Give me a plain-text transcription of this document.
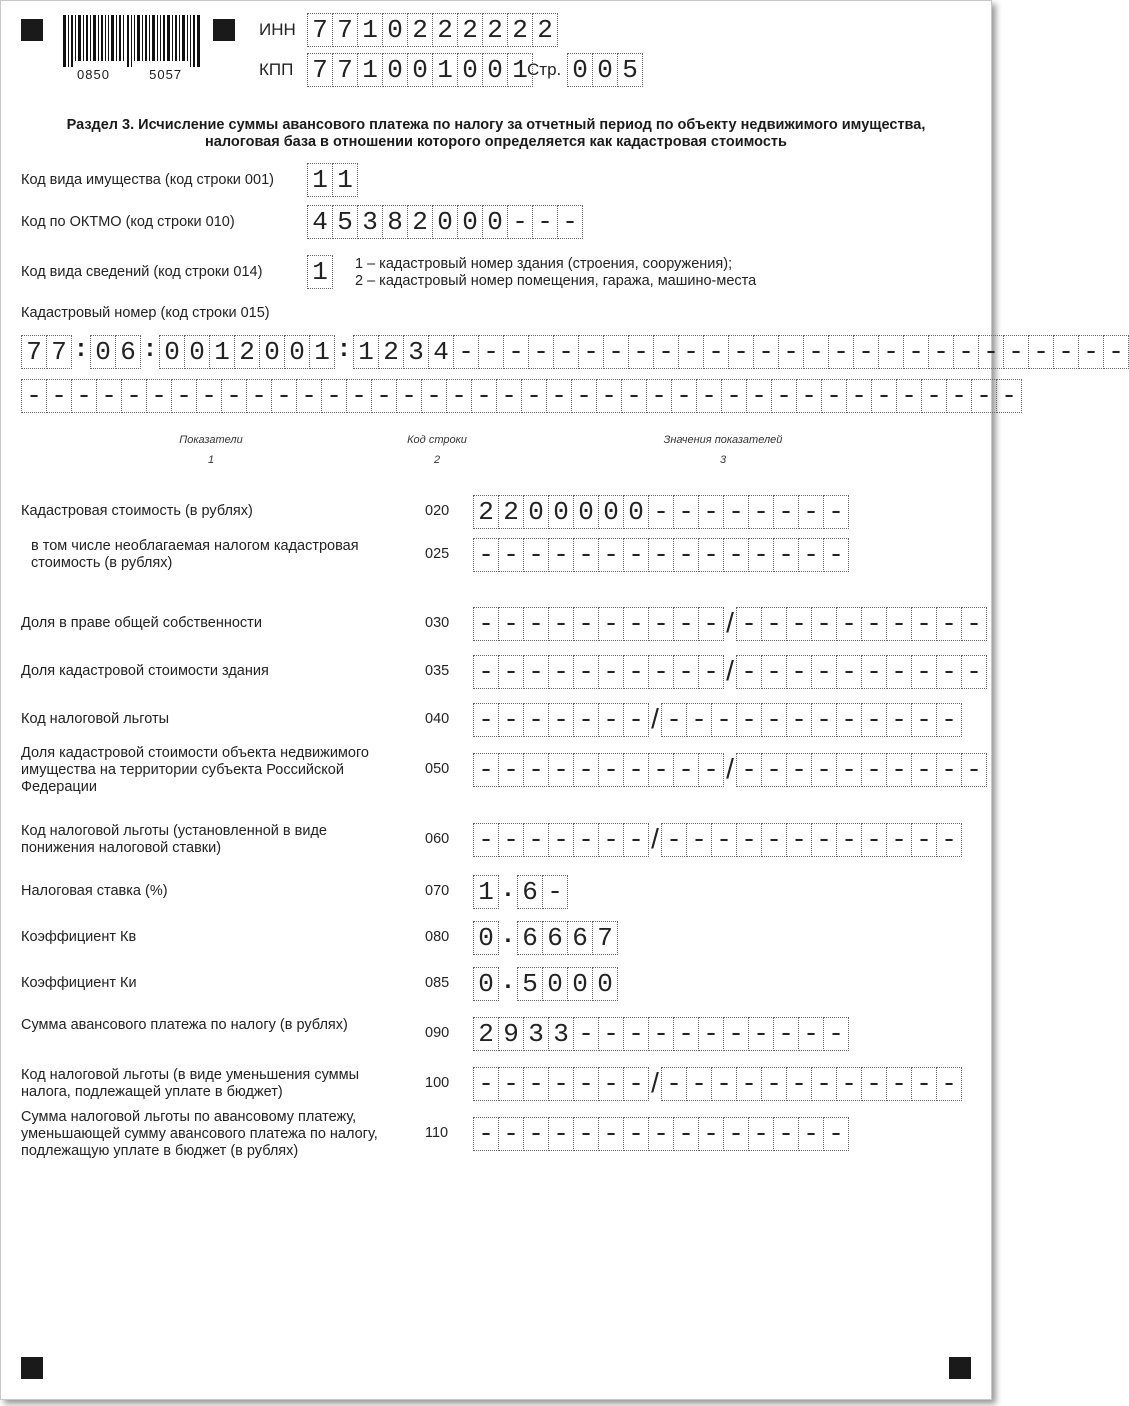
0850	5057
ИНН 7 7 1 0 2 2 2 2 2 2
КПП 7 7 1 0 0 1 0 0 1 Стр. 0 0 5
Раздел 3. Исчисление суммы авансового платежа по налогу за отчетный период по объекту недвижимого имущества,
налоговая база в отношении которого определяется как кадастровая стоимость
Код вида имущества (код строки 001) 1 1
Код по ОКТМО (код строки 010)	4 5 3 8 2 0 0 0 - - -
Код вида сведений (код строки 014) 1	1 – кадастровый номер здания (строения, сооружения);
2 – кадастровый номер помещения, гаража, машино-места
Кадастровый номер (код строки 015)
7 7 : 0 6 : 0 0 1 2 0 0 1 : 1 2 3 4 - - - - - - - - - - - - - - - - - - - - - - - - - - -
- - - - - - - - - - - - - - - - - - - - - - - - - - - - - - - - - - - - - - - -
Показатели
1
Код строки
2
Значения показателей
3
Кадастровая стоимость (в рублях)	020 2 2 0 0 0 0 0 - - - - - - - -
в том числе необлагаемая налогом кадастровая стоимость (в рублях)
025 - - - - - - - - - - - - - - -
Доля в праве общей собственности	030 - - - - - - - - - - / - - - - - - - - - -
Доля кадастровой стоимости здания	035 - - - - - - - - - - / - - - - - - - - - -
Код налоговой льготы	040 - - - - - - - / - - - - - - - - - - - -
Доля кадастровой стоимости объекта недвижимого имущества на территории субъекта Российской Федерации
050 - - - - - - - - - - / - - - - - - - - - -
Код налоговой льготы (установленной в виде понижения налоговой ставки)
060 - - - - - - - / - - - - - - - - - - - -
Налоговая ставка (%)	070 1 . 6 -
Коэффициент Кв	080 0 . 6 6 6 7
Коэффициент Ки	085 0 . 5 0 0 0
Сумма авансового платежа по налогу (в рублях)	090 2 9 3 3 - - - - - - - - - - -
Код налоговой льготы (в виде уменьшения суммы налога, подлежащей уплате в бюджет)
100 - - - - - - - / - - - - - - - - - - - -
Сумма налоговой льготы по авансовому платежу, уменьшающей сумму авансового платежа по налогу, подлежащую уплате в бюджет (в рублях)
110 - - - - - - - - - - - - - - -
